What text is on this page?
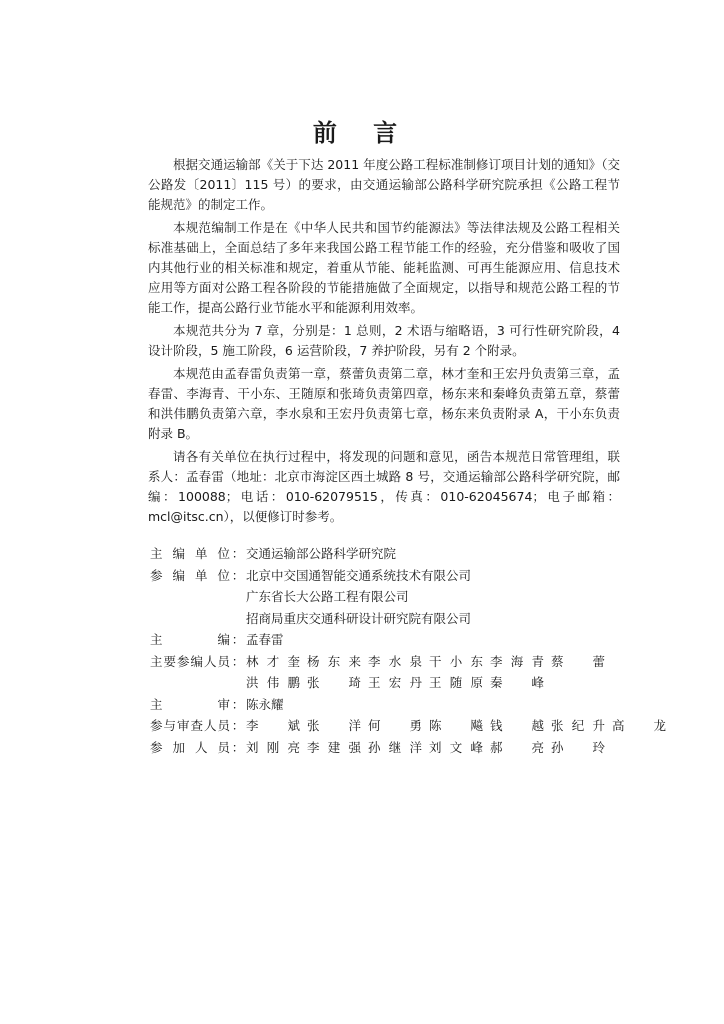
前 言

根据交通运输部《关于下达 2011 年度公路工程标准制修订项目计划的通知》（交公路发〔2011〕115 号）的要求，由交通运输部公路科学研究院承担《公路工程节能规范》的制定工作。

本规范编制工作是在《中华人民共和国节约能源法》等法律法规及公路工程相关标准基础上，全面总结了多年来我国公路工程节能工作的经验，充分借鉴和吸收了国内其他行业的相关标准和规定，着重从节能、能耗监测、可再生能源应用、信息技术应用等方面对公路工程各阶段的节能措施做了全面规定，以指导和规范公路工程的节能工作，提高公路行业节能水平和能源利用效率。

本规范共分为 7 章，分别是：1 总则，2 术语与缩略语，3 可行性研究阶段，4 设计阶段，5 施工阶段，6 运营阶段，7 养护阶段，另有 2 个附录。

本规范由孟春雷负责第一章，蔡蕾负责第二章，林才奎和王宏丹负责第三章，孟春雷、李海青、干小东、王随原和张琦负责第四章，杨东来和秦峰负责第五章，蔡蕾和洪伟鹏负责第六章，李水泉和王宏丹负责第七章，杨东来负责附录 A，干小东负责附录 B。

请各有关单位在执行过程中，将发现的问题和意见，函告本规范日常管理组，联系人：孟春雷（地址：北京市海淀区西土城路 8 号，交通运输部公路科学研究院，邮编：100088；电话：010-62079515，传真：010-62045674；电子邮箱：mcl@itsc.cn），以便修订时参考。

主编单位 ： 交通运输部公路科学研究院
参编单位 ： 北京中交国通智能交通系统技术有限公司
广东省长大公路工程有限公司
招商局重庆交通科研设计研究院有限公司
主编 ： 孟春雷
主要参编人员 ： 林才奎 杨东来 李水泉 干小东 李海青 蔡蕾
洪伟鹏 张琦 王宏丹 王随原 秦峰
主审 ： 陈永耀
参与审查人员 ： 李斌 张洋 何勇 陈飚 钱越 张纪升 高龙
参加人员 ： 刘刚亮 李建强 孙继洋 刘文峰 郝亮 孙玲
